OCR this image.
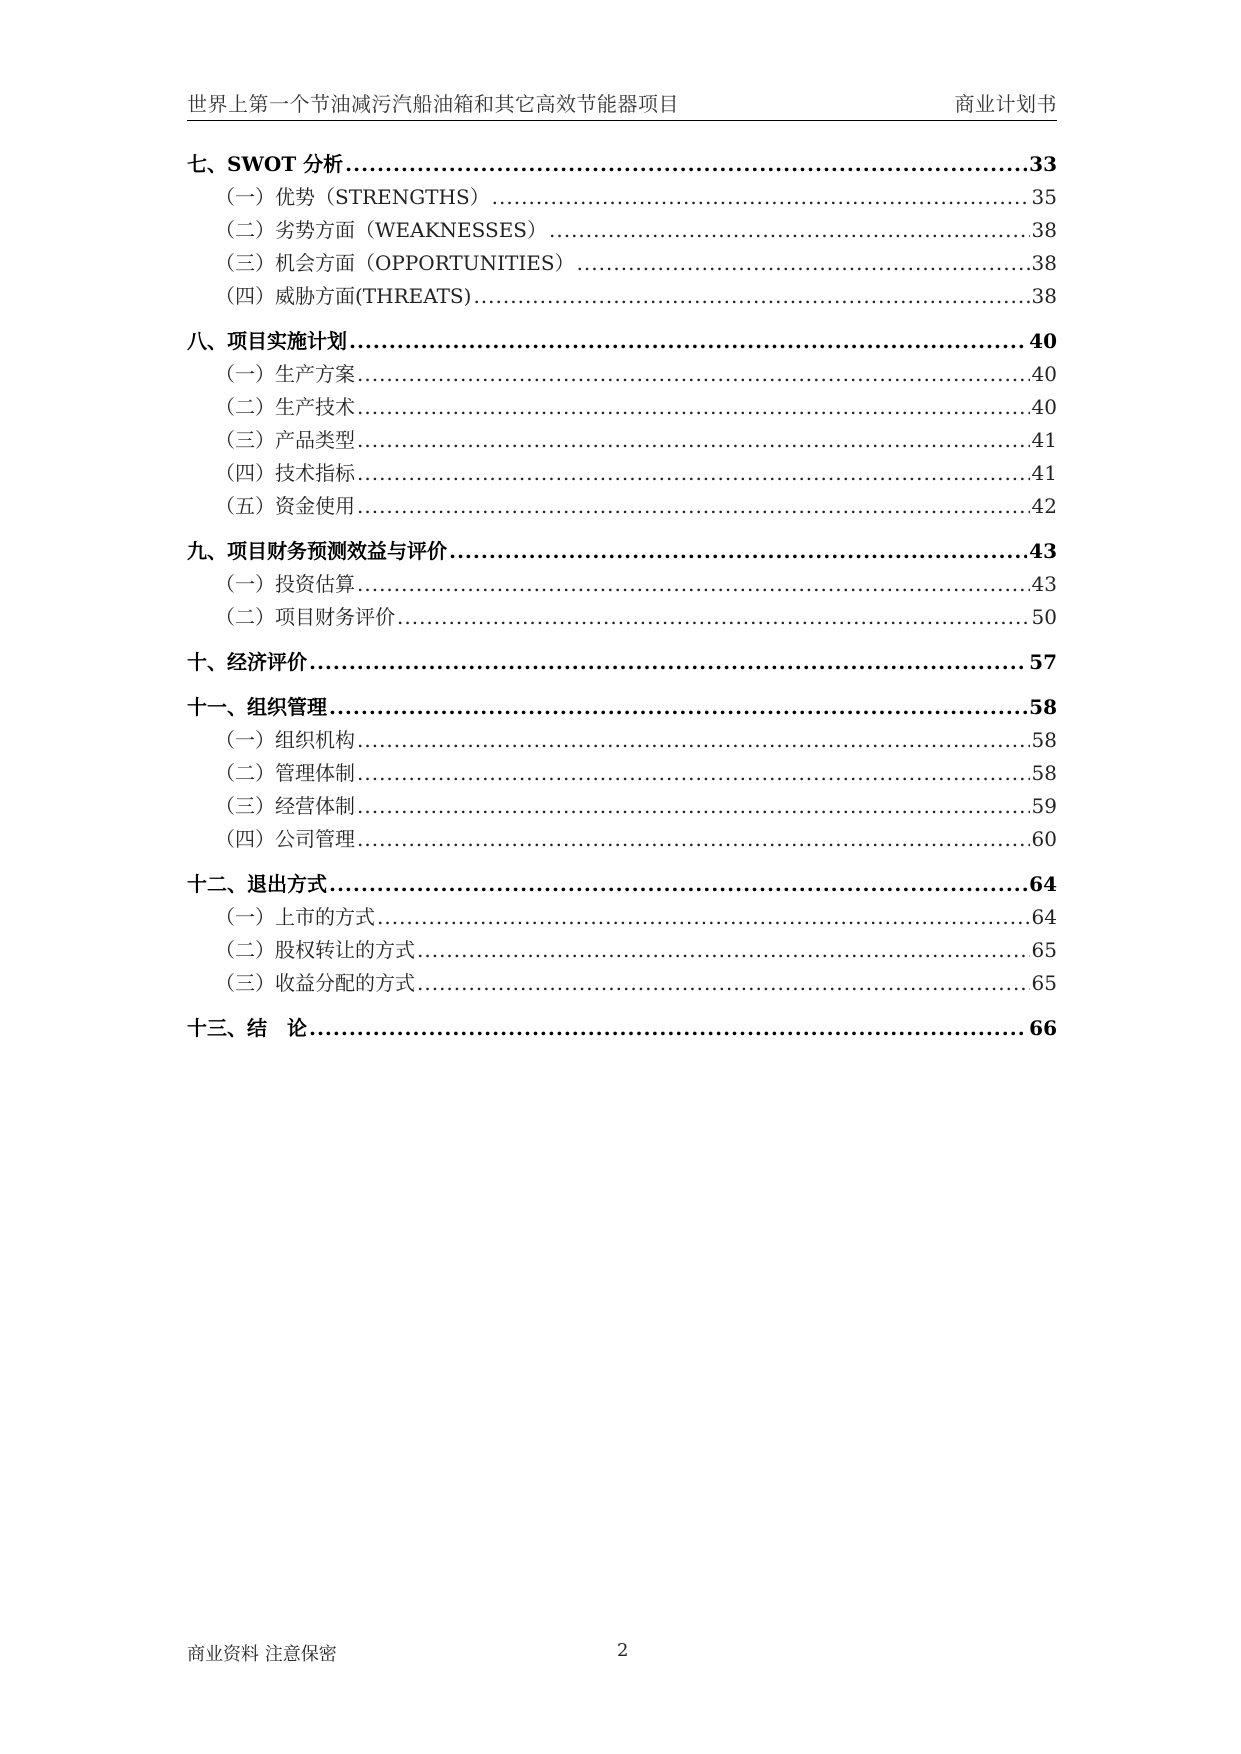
世界上第一个节油减污汽船油箱和其它高效节能器项目	商业计划书
七、SWOT 分析 .....	33
（一）优势（STRENGTHS） .....	35
（二）劣势方面（WEAKNESSES） .....	38
（三）机会方面（OPPORTUNITIES） .....	38
（四）威胁方面(THREATS) .....	38
八、项目实施计划 .....	40
（一）生产方案 .....	40
（二）生产技术 .....	40
（三）产品类型 .....	41
（四）技术指标 .....	41
（五）资金使用 .....	42
九、项目财务预测效益与评价 .....	43
（一）投资估算 .....	43
（二）项目财务评价 .....	50
十、经济评价 .....	57
十一、组织管理 .....	58
（一）组织机构 .....	58
（二）管理体制 .....	58
（三）经营体制 .....	59
（四）公司管理 .....	60
十二、退出方式 .....	64
（一）上市的方式 .....	64
（二）股权转让的方式 .....	65
（三）收益分配的方式 .....	65
十三、结　论 .....	66
商业资料 注意保密	2
